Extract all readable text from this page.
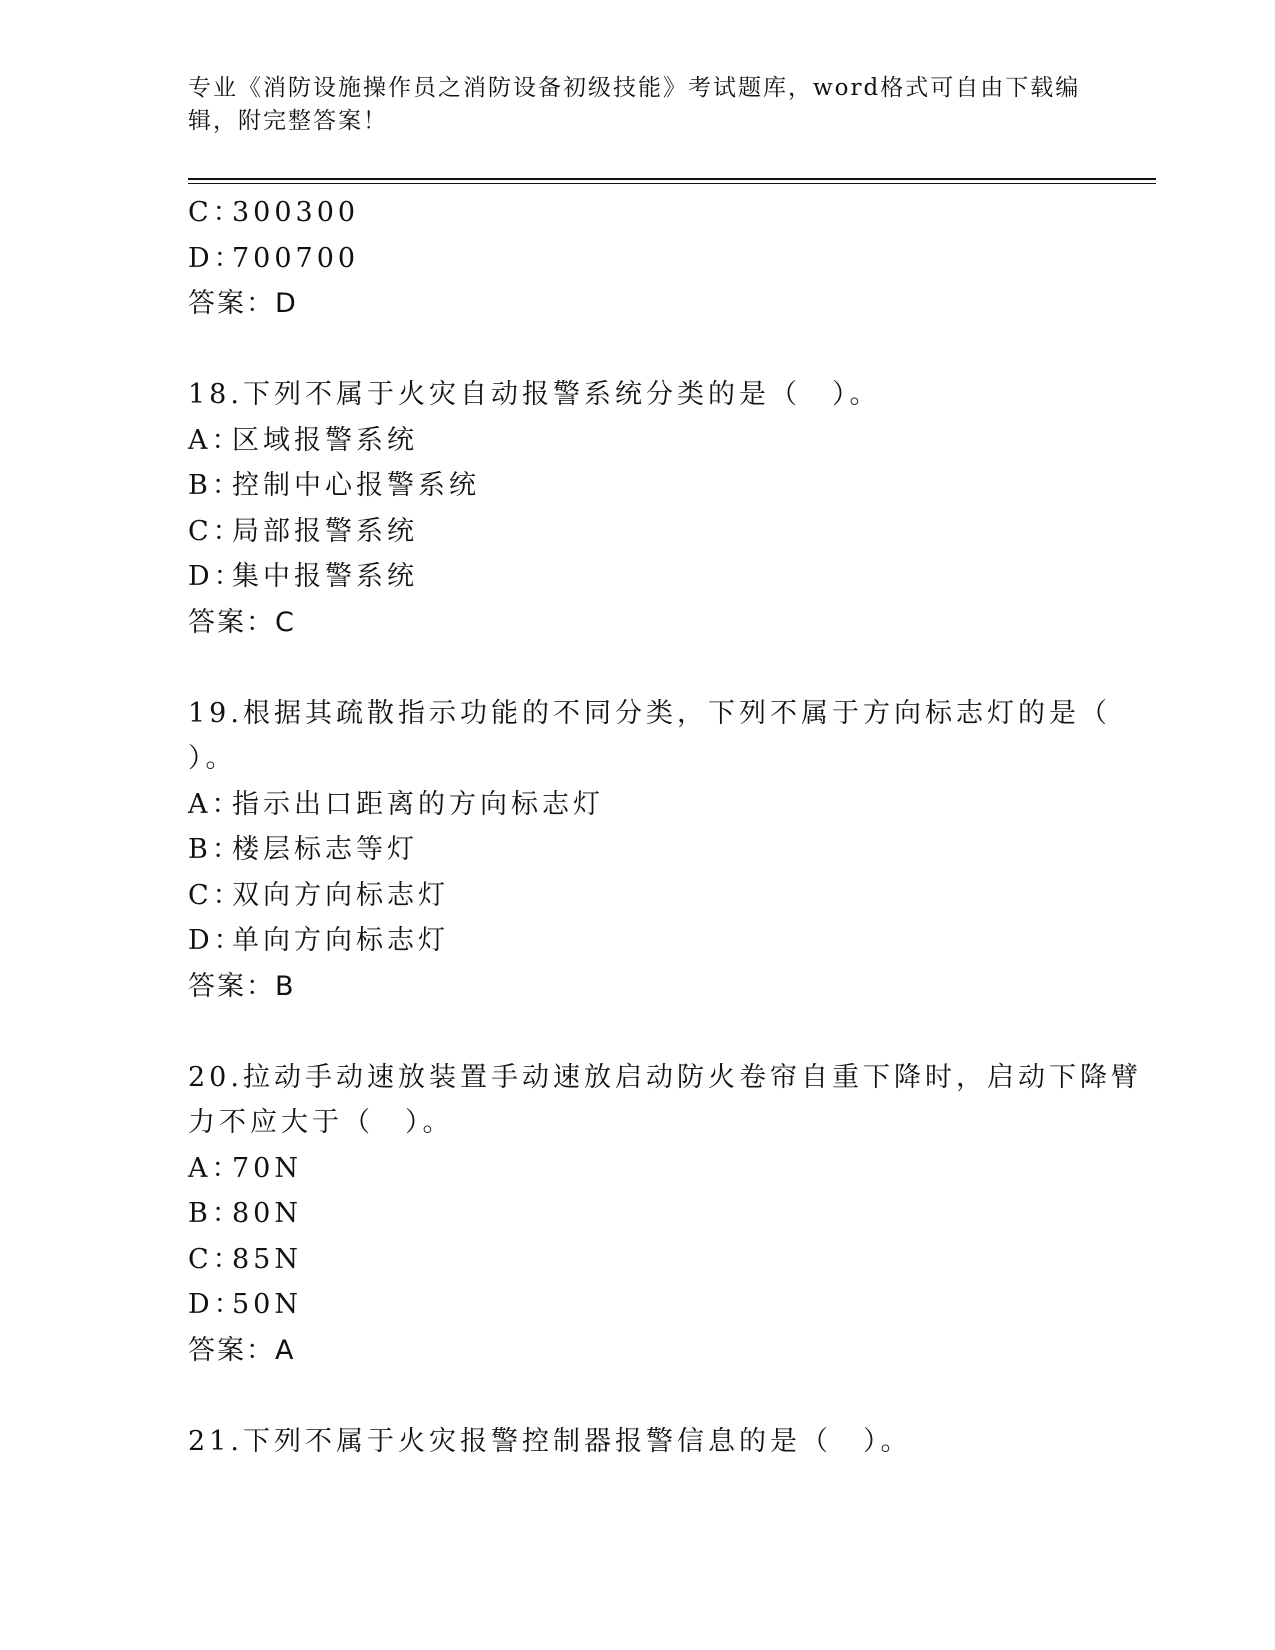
专业《消防设施操作员之消防设备初级技能》考试题库，word格式可自由下载编
辑，附完整答案！
C：300300
D：700700
答案：D
18.下列不属于火灾自动报警系统分类的是（　）。
A：区域报警系统
B：控制中心报警系统
C：局部报警系统
D：集中报警系统
答案：C
19.根据其疏散指示功能的不同分类，下列不属于方向标志灯的是（
）。
A：指示出口距离的方向标志灯
B：楼层标志等灯
C：双向方向标志灯
D：单向方向标志灯
答案：B
20.拉动手动速放装置手动速放启动防火卷帘自重下降时，启动下降臂
力不应大于（　）。
A：70N
B：80N
C：85N
D：50N
答案：A
21.下列不属于火灾报警控制器报警信息的是（　）。
